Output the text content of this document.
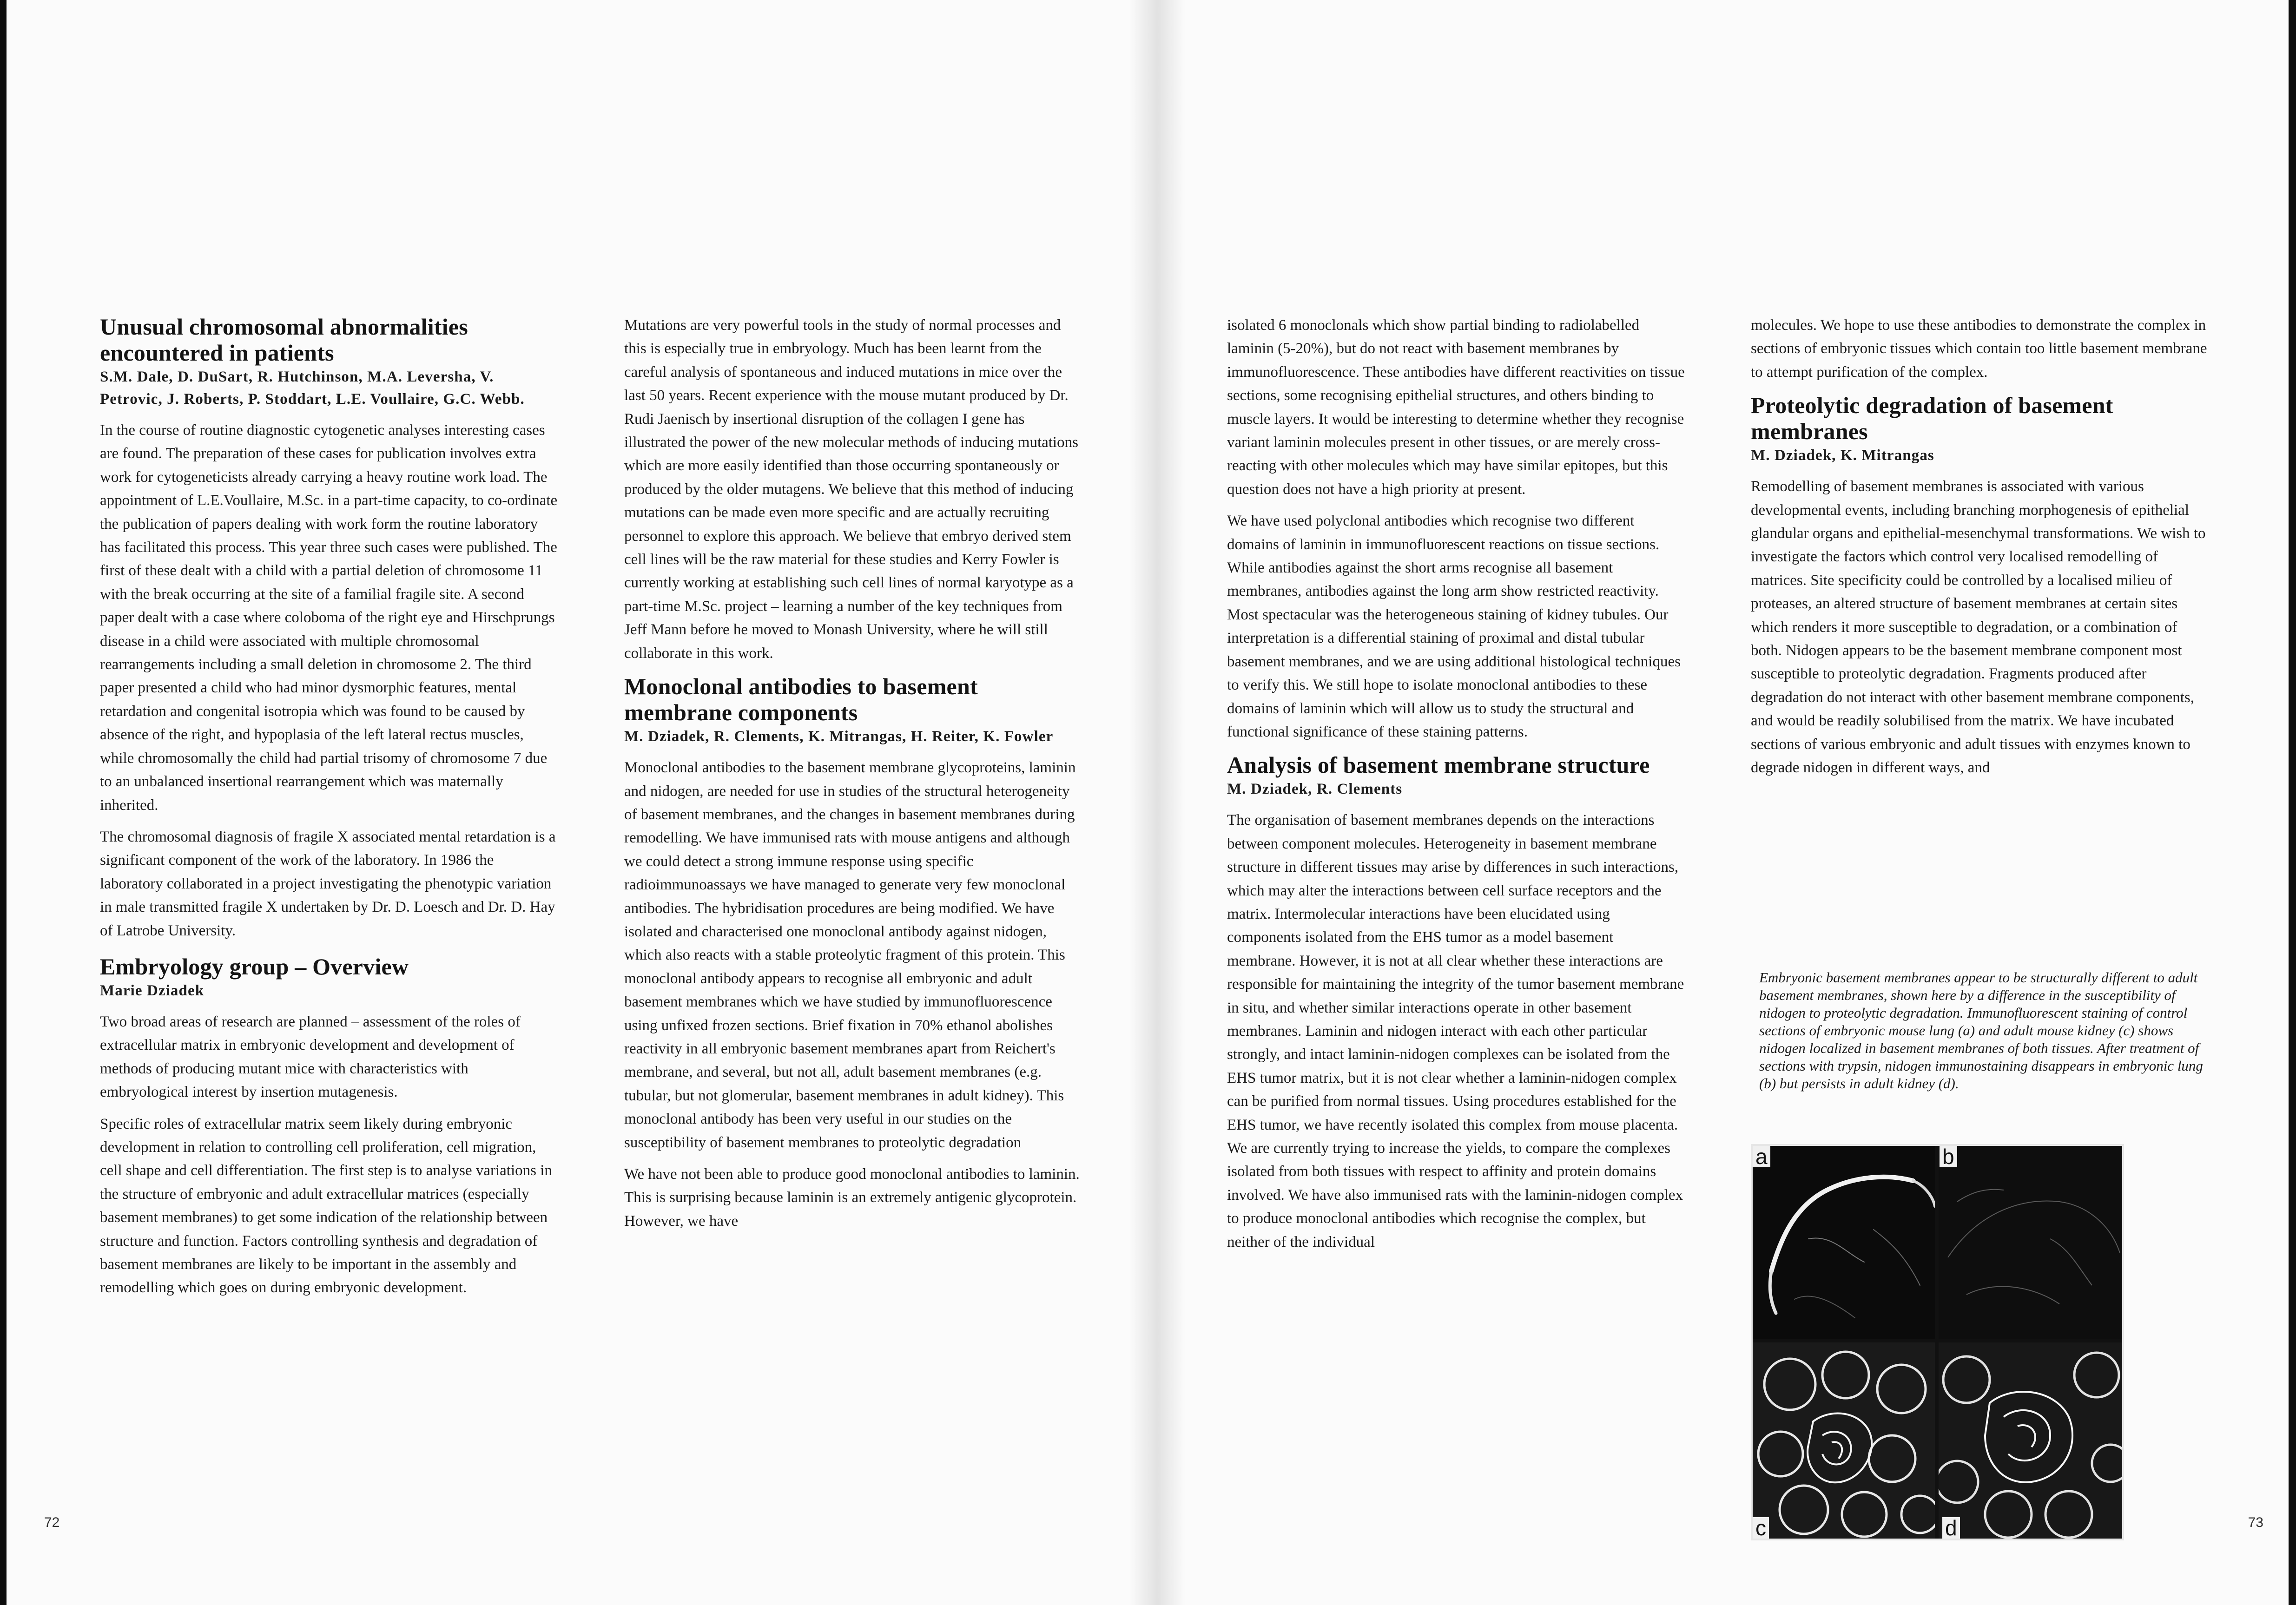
Unusual chromosomal abnormalities encountered in patients

S.M. Dale, D. DuSart, R. Hutchinson, M.A. Leversha, V. Petrovic, J. Roberts, P. Stoddart, L.E. Voullaire, G.C. Webb.

In the course of routine diagnostic cytogenetic analyses interesting cases are found. The preparation of these cases for publication involves extra work for cytogeneticists already carrying a heavy routine work load. The appointment of L.E.Voullaire, M.Sc. in a part-time capacity, to co-ordinate the publication of papers dealing with work form the routine laboratory has facilitated this process. This year three such cases were published. The first of these dealt with a child with a partial deletion of chromosome 11 with the break occurring at the site of a familial fragile site. A second paper dealt with a case where coloboma of the right eye and Hirschprungs disease in a child were associated with multiple chromosomal rearrangements including a small deletion in chromosome 2. The third paper presented a child who had minor dysmorphic features, mental retardation and congenital isotropia which was found to be caused by absence of the right, and hypoplasia of the left lateral rectus muscles, while chromosomally the child had partial trisomy of chromosome 7 due to an unbalanced insertional rearrangement which was maternally inherited.

The chromosomal diagnosis of fragile X associated mental retardation is a significant component of the work of the laboratory. In 1986 the laboratory collaborated in a project investigating the phenotypic variation in male transmitted fragile X undertaken by Dr. D. Loesch and Dr. D. Hay of Latrobe University.

Embryology group – Overview

Marie Dziadek

Two broad areas of research are planned – assessment of the roles of extracellular matrix in embryonic development and development of methods of producing mutant mice with characteristics with embryological interest by insertion mutagenesis.

Specific roles of extracellular matrix seem likely during embryonic development in relation to controlling cell proliferation, cell migration, cell shape and cell differentiation. The first step is to analyse variations in the structure of embryonic and adult extracellular matrices (especially basement membranes) to get some indication of the relationship between structure and function. Factors controlling synthesis and degradation of basement membranes are likely to be important in the assembly and remodelling which goes on during embryonic development.

Mutations are very powerful tools in the study of normal processes and this is especially true in embryology. Much has been learnt from the careful analysis of spontaneous and induced mutations in mice over the last 50 years. Recent experience with the mouse mutant produced by Dr. Rudi Jaenisch by insertional disruption of the collagen I gene has illustrated the power of the new molecular methods of inducing mutations which are more easily identified than those occurring spontaneously or produced by the older mutagens. We believe that this method of inducing mutations can be made even more specific and are actually recruiting personnel to explore this approach. We believe that embryo derived stem cell lines will be the raw material for these studies and Kerry Fowler is currently working at establishing such cell lines of normal karyotype as a part-time M.Sc. project – learning a number of the key techniques from Jeff Mann before he moved to Monash University, where he will still collaborate in this work.

Monoclonal antibodies to basement membrane components

M. Dziadek, R. Clements, K. Mitrangas, H. Reiter, K. Fowler

Monoclonal antibodies to the basement membrane glycoproteins, laminin and nidogen, are needed for use in studies of the structural heterogeneity of basement membranes, and the changes in basement membranes during remodelling. We have immunised rats with mouse antigens and although we could detect a strong immune response using specific radioimmunoassays we have managed to generate very few monoclonal antibodies. The hybridisation procedures are being modified. We have isolated and characterised one monoclonal antibody against nidogen, which also reacts with a stable proteolytic fragment of this protein. This monoclonal antibody appears to recognise all embryonic and adult basement membranes which we have studied by immunofluorescence using unfixed frozen sections. Brief fixation in 70% ethanol abolishes reactivity in all embryonic basement membranes apart from Reichert's membrane, and several, but not all, adult basement membranes (e.g. tubular, but not glomerular, basement membranes in adult kidney). This monoclonal antibody has been very useful in our studies on the susceptibility of basement membranes to proteolytic degradation

We have not been able to produce good monoclonal antibodies to laminin. This is surprising because laminin is an extremely antigenic glycoprotein. However, we have

72

isolated 6 monoclonals which show partial binding to radiolabelled laminin (5-20%), but do not react with basement membranes by immunofluorescence. These antibodies have different reactivities on tissue sections, some recognising epithelial structures, and others binding to muscle layers. It would be interesting to determine whether they recognise variant laminin molecules present in other tissues, or are merely cross-reacting with other molecules which may have similar epitopes, but this question does not have a high priority at present.

We have used polyclonal antibodies which recognise two different domains of laminin in immunofluorescent reactions on tissue sections. While antibodies against the short arms recognise all basement membranes, antibodies against the long arm show restricted reactivity. Most spectacular was the heterogeneous staining of kidney tubules. Our interpretation is a differential staining of proximal and distal tubular basement membranes, and we are using additional histological techniques to verify this. We still hope to isolate monoclonal antibodies to these domains of laminin which will allow us to study the structural and functional significance of these staining patterns.

Analysis of basement membrane structure

M. Dziadek, R. Clements

The organisation of basement membranes depends on the interactions between component molecules. Heterogeneity in basement membrane structure in different tissues may arise by differences in such interactions, which may alter the interactions between cell surface receptors and the matrix. Intermolecular interactions have been elucidated using components isolated from the EHS tumor as a model basement membrane. However, it is not at all clear whether these interactions are responsible for maintaining the integrity of the tumor basement membrane in situ, and whether similar interactions operate in other basement membranes. Laminin and nidogen interact with each other particular strongly, and intact laminin-nidogen complexes can be isolated from the EHS tumor matrix, but it is not clear whether a laminin-nidogen complex can be purified from normal tissues. Using procedures established for the EHS tumor, we have recently isolated this complex from mouse placenta. We are currently trying to increase the yields, to compare the complexes isolated from both tissues with respect to affinity and protein domains involved. We have also immunised rats with the laminin-nidogen complex to produce monoclonal antibodies which recognise the complex, but neither of the individual

molecules. We hope to use these antibodies to demonstrate the complex in sections of embryonic tissues which contain too little basement membrane to attempt purification of the complex.

Proteolytic degradation of basement membranes

M. Dziadek, K. Mitrangas

Remodelling of basement membranes is associated with various developmental events, including branching morphogenesis of epithelial glandular organs and epithelial-mesenchymal transformations. We wish to investigate the factors which control very localised remodelling of matrices. Site specificity could be controlled by a localised milieu of proteases, an altered structure of basement membranes at certain sites which renders it more susceptible to degradation, or a combination of both. Nidogen appears to be the basement membrane component most susceptible to proteolytic degradation. Fragments produced after degradation do not interact with other basement membrane components, and would be readily solubilised from the matrix. We have incubated sections of various embryonic and adult tissues with enzymes known to degrade nidogen in different ways, and

73

Embryonic basement membranes appear to be structurally different to adult basement membranes, shown here by a difference in the susceptibility of nidogen to proteolytic degradation. Immunofluorescent staining of control sections of embryonic mouse lung (a) and adult mouse kidney (c) shows nidogen localized in basement membranes of both tissues. After treatment of sections with trypsin, nidogen immunostaining disappears in embryonic lung (b) but persists in adult kidney (d).

a	b
c	d
